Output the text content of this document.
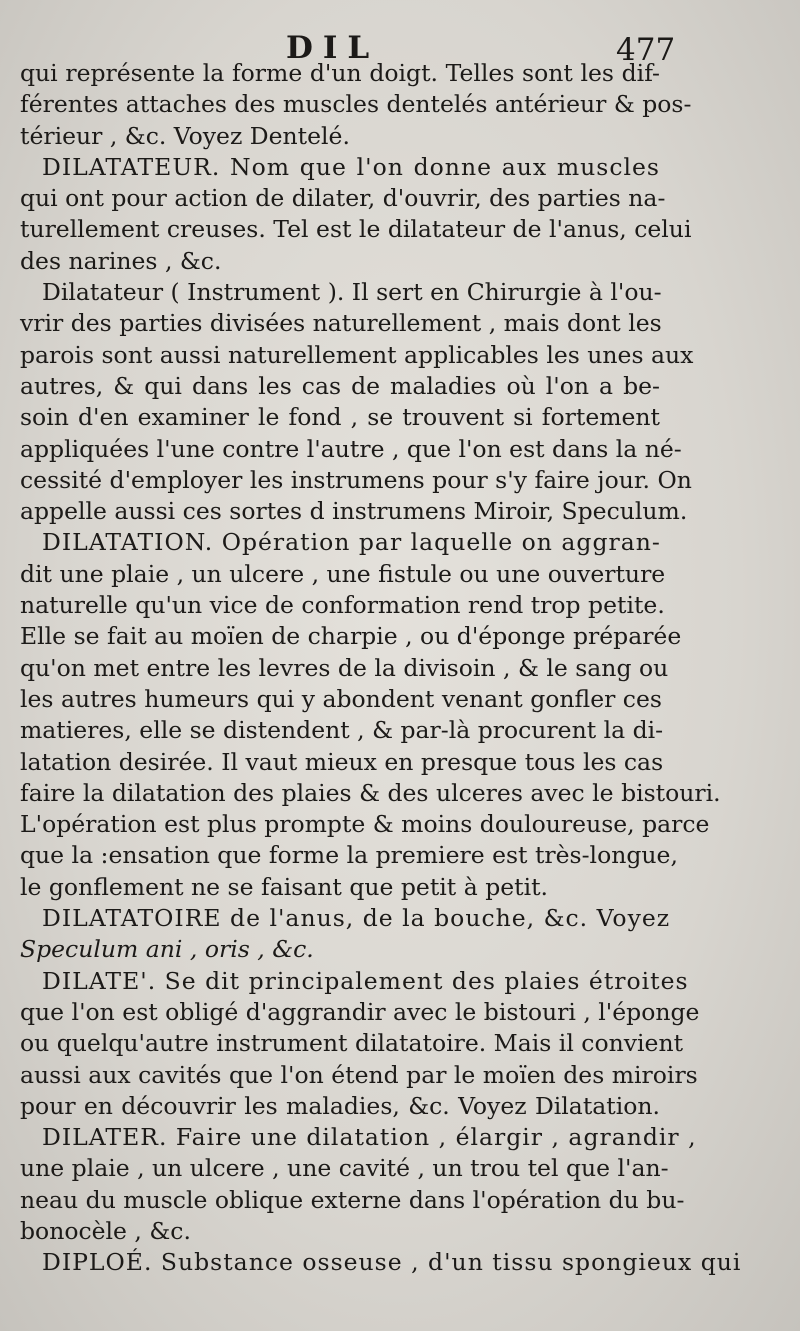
DIL	477

qui représente la forme d'un doigt. Telles sont les dif-
férentes attaches des muscles dentelés antérieur & pos-
térieur , &c. Voyez Dentelé.

DILATATEUR. Nom que l'on donne aux muscles
qui ont pour action de dilater, d'ouvrir, des parties na-
turellement creuses. Tel est le dilatateur de l'anus, celui
des narines , &c.

Dilatateur ( Instrument ). Il sert en Chirurgie à l'ou-
vrir des parties divisées naturellement , mais dont les
parois sont aussi naturellement applicables les unes aux
autres, & qui dans les cas de maladies où l'on a be-
soin d'en examiner le fond , se trouvent si fortement
appliquées l'une contre l'autre , que l'on est dans la né-
cessité d'employer les instrumens pour s'y faire jour. On
appelle aussi ces sortes d instrumens Miroir, Speculum.

DILATATION. Opération par laquelle on aggran-
dit une plaie , un ulcere , une fistule ou une ouverture
naturelle qu'un vice de conformation rend trop petite.
Elle se fait au moïen de charpie , ou d'éponge préparée
qu'on met entre les levres de la divisoin , & le sang ou
les autres humeurs qui y abondent venant gonfler ces
matieres, elle se distendent , & par-là procurent la di-
latation desirée. Il vaut mieux en presque tous les cas
faire la dilatation des plaies & des ulceres avec le bistouri.
L'opération est plus prompte & moins douloureuse, parce
que la :ensation que forme la premiere est très-longue,
le gonflement ne se faisant que petit à petit.

DILATATOIRE de l'anus, de la bouche, &c. Voyez
Speculum ani , oris , &c.

DILATE'. Se dit principalement des plaies étroites
que l'on est obligé d'aggrandir avec le bistouri , l'éponge
ou quelqu'autre instrument dilatatoire. Mais il convient
aussi aux cavités que l'on étend par le moïen des miroirs
pour en découvrir les maladies, &c. Voyez Dilatation.

DILATER. Faire une dilatation , élargir , agrandir ,
une plaie , un ulcere , une cavité , un trou tel que l'an-
neau du muscle oblique externe dans l'opération du bu-
bonocèle , &c.

DIPLOÉ. Substance osseuse , d'un tissu spongieux qui
